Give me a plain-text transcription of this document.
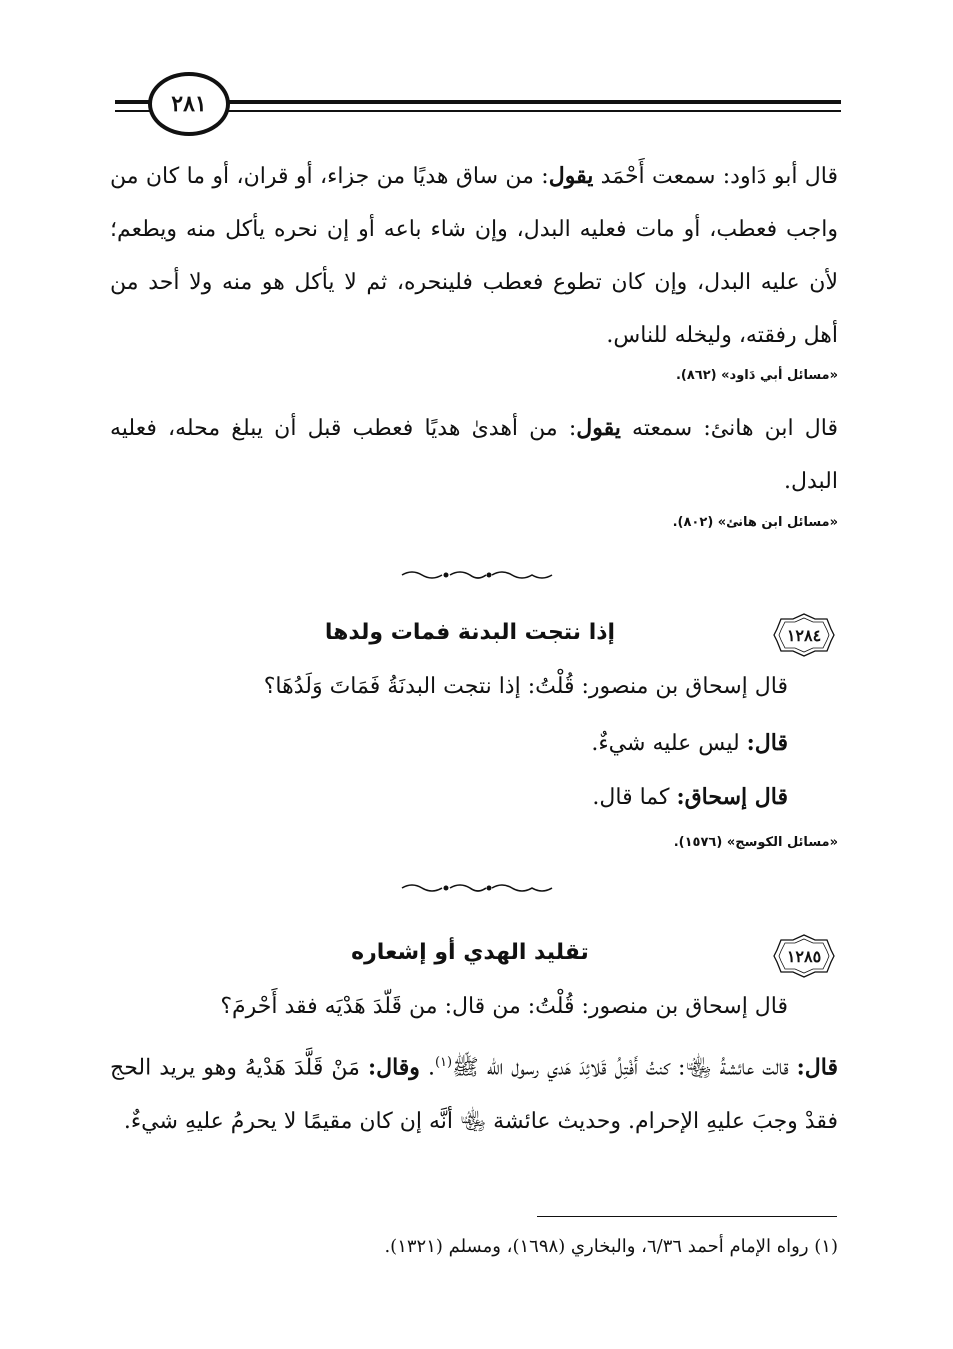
٢٨١

قال أبو دَاود: سمعت أَحْمَد يقول: من ساق هديًا من جزاء، أو قران، أو ما كان من واجب فعطب، أو مات فعليه البدل، وإن شاء باعه أو إن نحره يأكل منه ويطعم؛ لأن عليه البدل، وإن كان تطوع فعطب فلينحره، ثم لا يأكل هو منه ولا أحد من أهل رفقته، وليخله للناس.

«مسائل أبي دَاود» (٨٦٢).

قال ابن هانئ: سمعته يقول: من أهدىٰ هديًا فعطب قبل أن يبلغ محله، فعليه البدل.

«مسائل ابن هانئ» (٨٠٢).

١٢٨٤

إذا نتجت البدنة فمات ولدها

قال إسحاق بن منصور: قُلْتُ: إذا نتجت البدنَةُ فَمَاتَ وَلَدُهَا؟

قال: ليس عليه شيءٌ.

قال إسحاق: كما قال.

«مسائل الكوسج» (١٥٧٦).

١٢٨٥

تقليد الهدي أو إشعاره

قال إسحاق بن منصور: قُلْتُ: من قال: من قَلّدَ هَدْيَه فقد أَحْرمَ؟

قال: قالت عائشةُ ﵄: كنتُ أَفْتِلُ قَلائِدَ هَدي رسول الله ﷺ$^{(١)}$. وقال: مَنْ قَلَّدَ هَدْيهُ وهو يريد الحج فقدْ وجبَ عليهِ الإحرام. وحديث عائشة ﵄ أنَّه إن كان مقيمًا لا يحرمُ عليهِ شيءٌ.

(١) رواه الإمام أحمد ٦/٣٦، والبخاري (١٦٩٨)، ومسلم (١٣٢١).
